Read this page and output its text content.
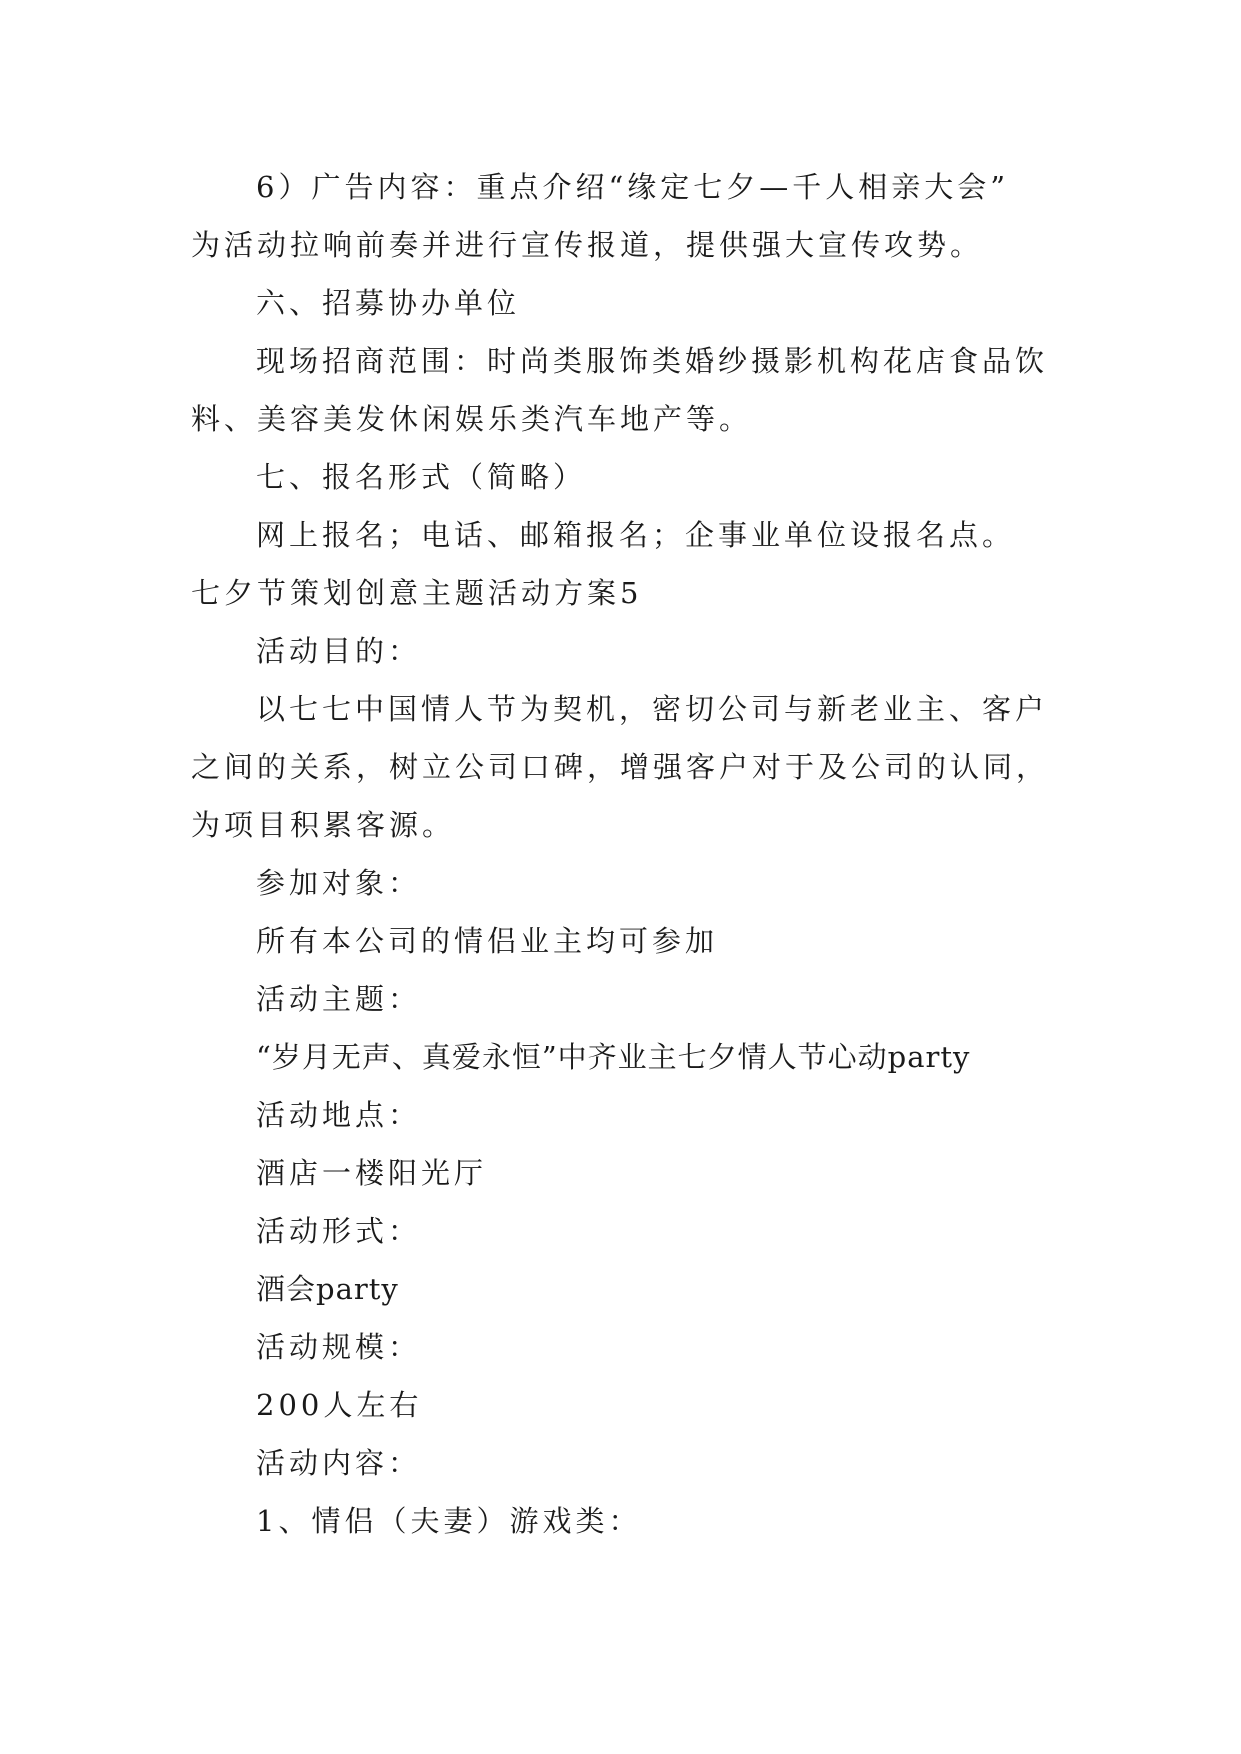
6）广告内容：重点介绍“缘定七夕—千人相亲大会”
为活动拉响前奏并进行宣传报道，提供强大宣传攻势。
六、招募协办单位
现场招商范围：时尚类服饰类婚纱摄影机构花店食品饮
料、美容美发休闲娱乐类汽车地产等。
七、报名形式（简略）
网上报名；电话、邮箱报名；企事业单位设报名点。
七夕节策划创意主题活动方案5
活动目的：
以七七中国情人节为契机，密切公司与新老业主、客户
之间的关系，树立公司口碑，增强客户对于及公司的认同，
为项目积累客源。
参加对象：
所有本公司的情侣业主均可参加
活动主题：
“岁月无声、真爱永恒”中齐业主七夕情人节心动party
活动地点：
酒店一楼阳光厅
活动形式：
酒会party
活动规模：
200人左右
活动内容：
1、情侣（夫妻）游戏类：
